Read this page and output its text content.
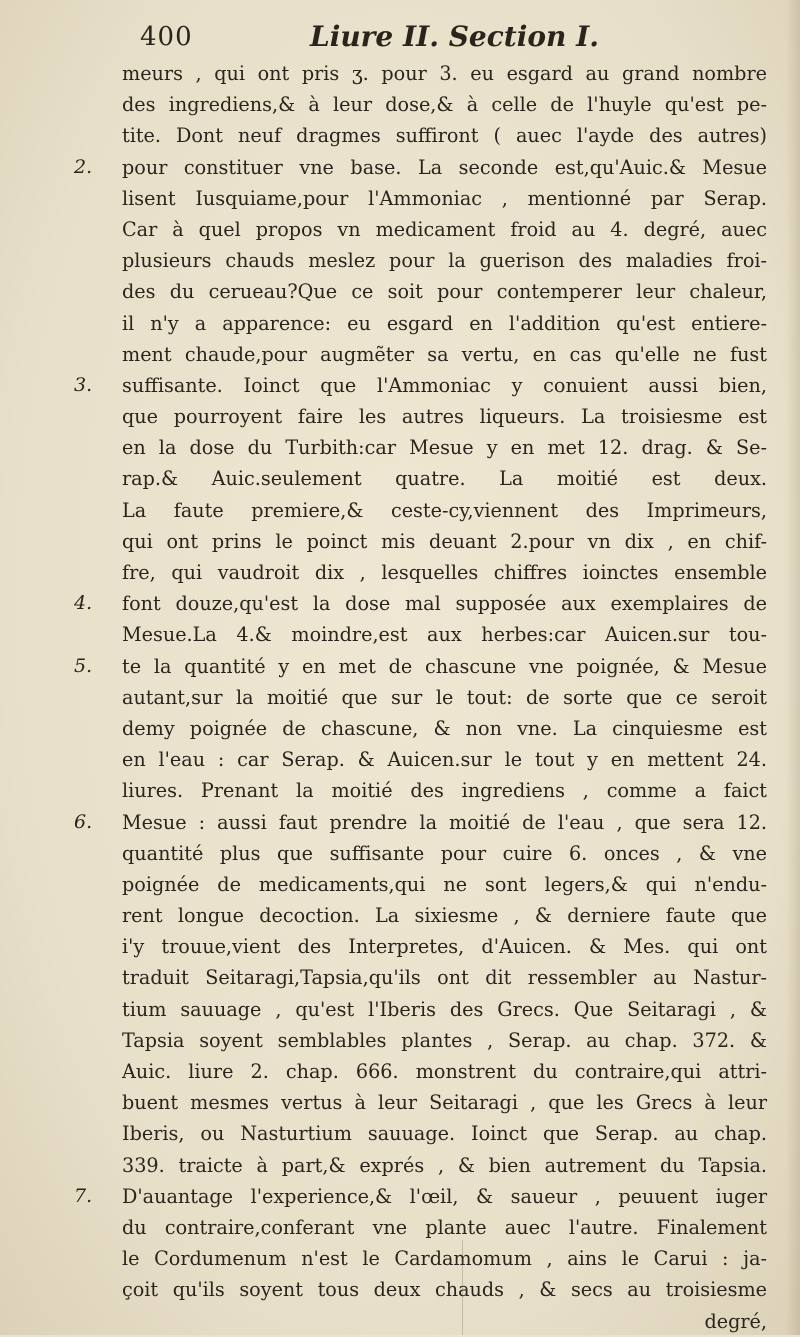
400	Liure II. Section I.
2.
3.
4.
5.
6.
7.
meurs , qui ont pris ʒ. pour 3. eu esgard au grand nombre
des ingrediens,& à leur dose,& à celle de l'huyle qu'est pe-
tite. Dont neuf dragmes suffiront ( auec l'ayde des autres)
pour constituer vne base. La seconde est,qu'Auic.& Mesue
lisent Iusquiame,pour l'Ammoniac , mentionné par Serap.
Car à quel propos vn medicament froid au 4. degré, auec
plusieurs chauds meslez pour la guerison des maladies froi-
des du cerueau?Que ce soit pour contemperer leur chaleur,
il n'y a apparence: eu esgard en l'addition qu'est entiere-
ment chaude,pour augmẽter sa vertu, en cas qu'elle ne fust
suffisante. Ioinct que l'Ammoniac y conuient aussi bien,
que pourroyent faire les autres liqueurs. La troisiesme est
en la dose du Turbith:car Mesue y en met 12. drag. & Se-
rap.& Auic.seulement quatre. La moitié est deux.
La faute premiere,& ceste-cy,viennent des Imprimeurs,
qui ont prins le poinct mis deuant 2.pour vn dix , en chif-
fre, qui vaudroit dix , lesquelles chiffres ioinctes ensemble
font douze,qu'est la dose mal supposée aux exemplaires de
Mesue.La 4.& moindre,est aux herbes:car Auicen.sur tou-
te la quantité y en met de chascune vne poignée, & Mesue
autant,sur la moitié que sur le tout: de sorte que ce seroit
demy poignée de chascune, & non vne. La cinquiesme est
en l'eau : car Serap. & Auicen.sur le tout y en mettent 24.
liures. Prenant la moitié des ingrediens , comme a faict
Mesue : aussi faut prendre la moitié de l'eau , que sera 12.
quantité plus que suffisante pour cuire 6. onces , & vne
poignée de medicaments,qui ne sont legers,& qui n'endu-
rent longue decoction. La sixiesme , & derniere faute que
i'y trouue,vient des Interpretes, d'Auicen. & Mes. qui ont
traduit Seitaragi,Tapsia,qu'ils ont dit ressembler au Nastur-
tium sauuage , qu'est l'Iberis des Grecs. Que Seitaragi , &
Tapsia soyent semblables plantes , Serap. au chap. 372. &
Auic. liure 2. chap. 666. monstrent du contraire,qui attri-
buent mesmes vertus à leur Seitaragi , que les Grecs à leur
Iberis, ou Nasturtium sauuage. Ioinct que Serap. au chap.
339. traicte à part,& exprés , & bien autrement du Tapsia.
D'auantage l'experience,& l'œil, & saueur , peuuent iuger
du contraire,conferant vne plante auec l'autre. Finalement
le Cordumenum n'est le Cardamomum , ains le Carui : ja-
çoit qu'ils soyent tous deux chauds , & secs au troisiesme
degré,
